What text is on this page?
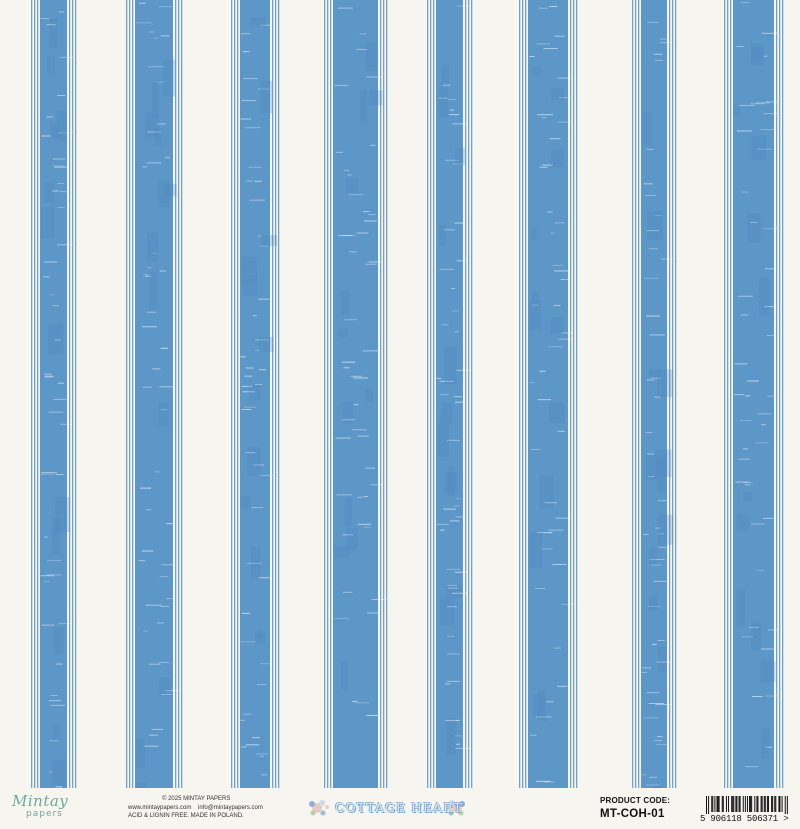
Mintay
papers
© 2025 MINTAY PAPERS
www.mintaypapers.com info@mintaypapers.com
ACID & LIGNIN FREE. MADE IN POLAND.
COTTAGE HEART	PRODUCT CODE:
MT-COH-01	5 906118 506371 >
